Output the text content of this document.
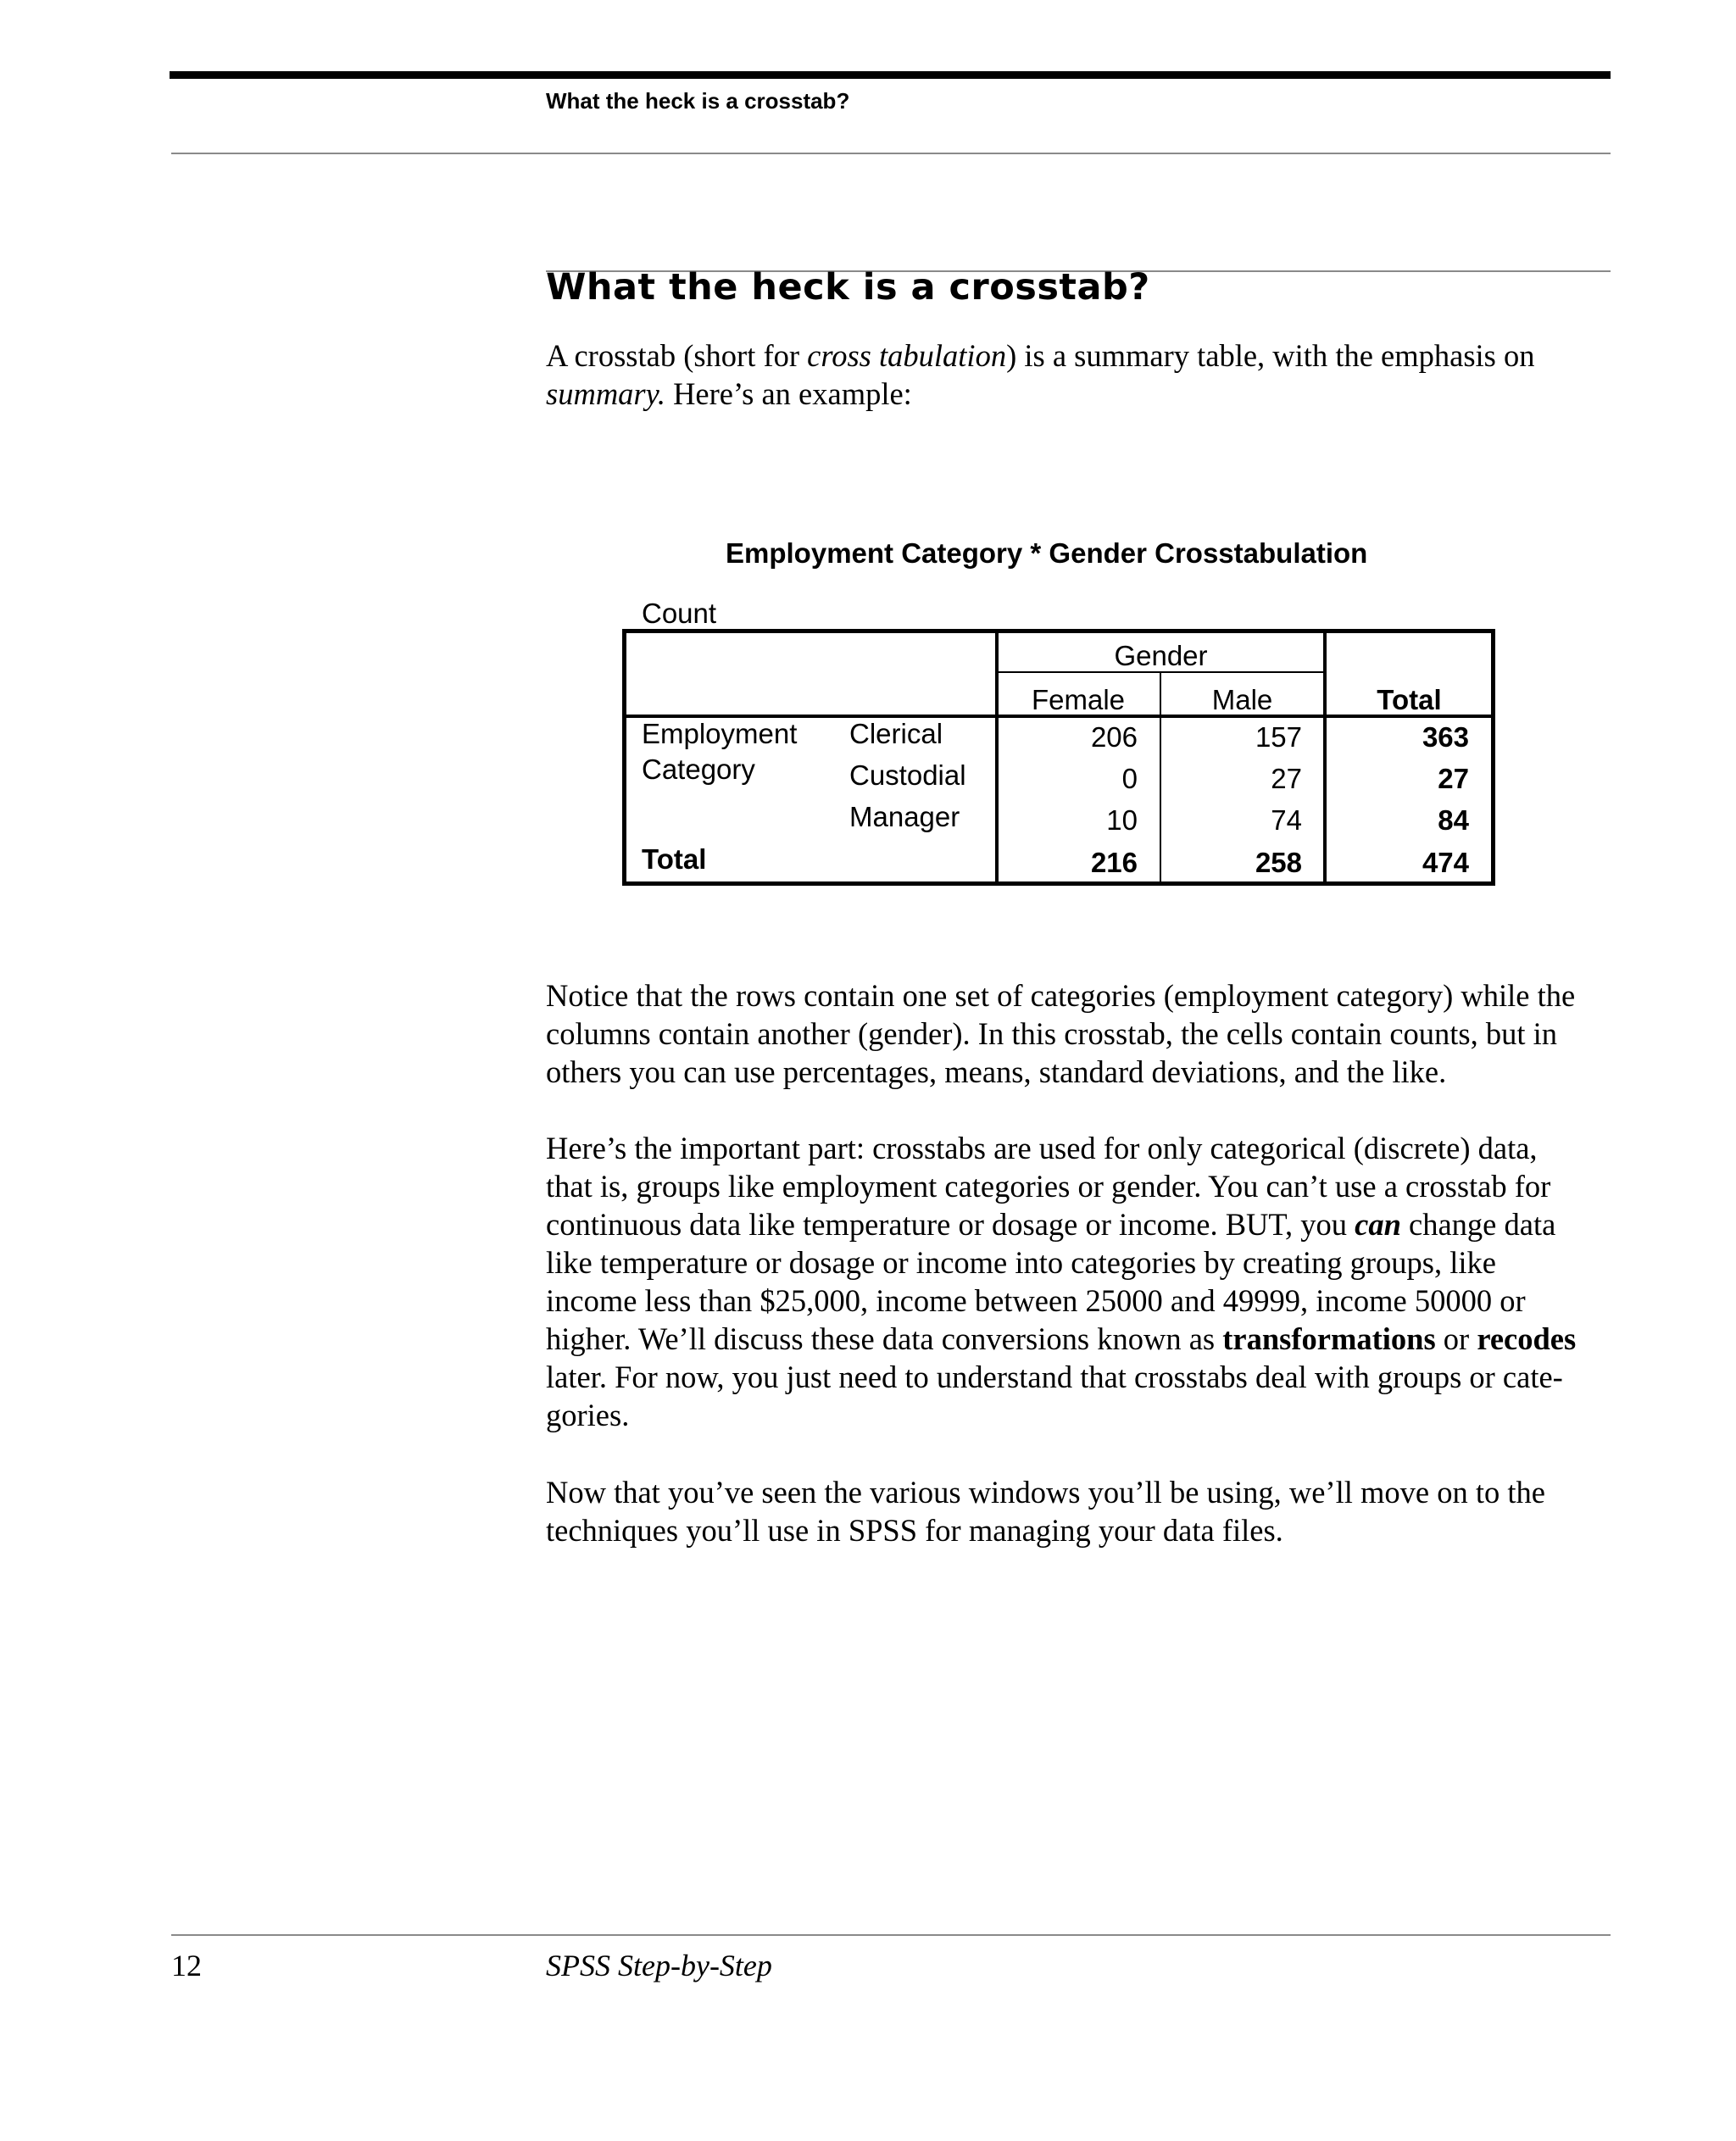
What the heck is a crosstab?
What the heck is a crosstab?
A crosstab (short for cross tabulation) is a summary table, with the emphasis on
summary. Here’s an example:
Employment Category * Gender Crosstabulation
Count
Gender
Female	Male	Total
Employment
Category
Clerical	206	157	363
Custodial	0	27	27
Manager	10	74	84
Total	216	258	474
Notice that the rows contain one set of categories (employment category) while the
columns contain another (gender). In this crosstab, the cells contain counts, but in
others you can use percentages, means, standard deviations, and the like.
Here’s the important part: crosstabs are used for only categorical (discrete) data,
that is, groups like employment categories or gender. You can’t use a crosstab for
continuous data like temperature or dosage or income. BUT, you can change data
like temperature or dosage or income into categories by creating groups, like
income less than $25,000, income between 25000 and 49999, income 50000 or
higher. We’ll discuss these data conversions known as transformations or recodes
later. For now, you just need to understand that crosstabs deal with groups or cate-
gories.
Now that you’ve seen the various windows you’ll be using, we’ll move on to the
techniques you’ll use in SPSS for managing your data files.
12	SPSS Step-by-Step
